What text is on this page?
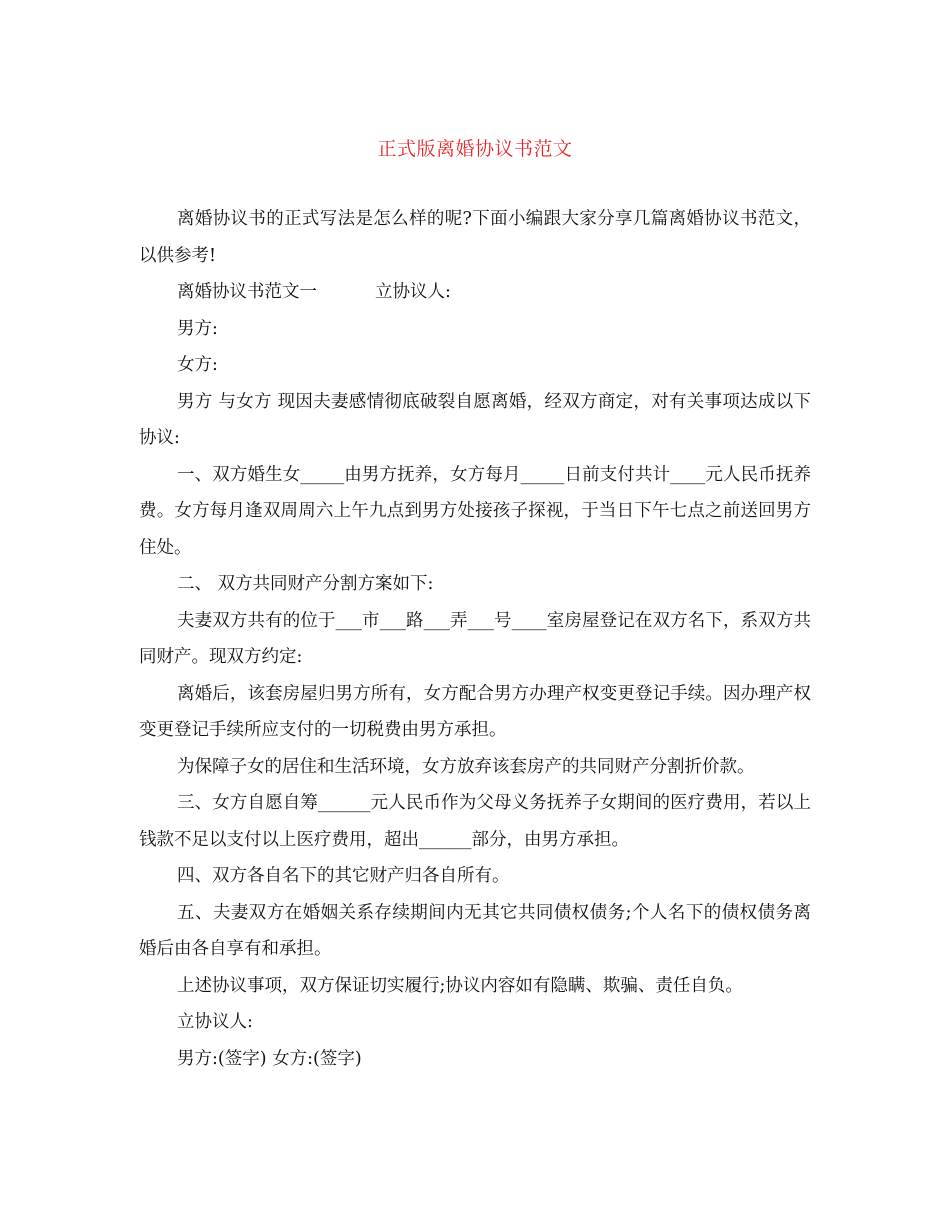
正式版离婚协议书范文

离婚协议书的正式写法是怎么样的呢?下面小编跟大家分享几篇离婚协议书范文，以供参考!

离婚协议书范文一	立协议人:

男方:

女方:

男方 与女方 现因夫妻感情彻底破裂自愿离婚，经双方商定，对有关事项达成以下协议:

一、双方婚生女_____由男方抚养，女方每月_____日前支付共计____元人民币抚养费。女方每月逢双周周六上午九点到男方处接孩子探视，于当日下午七点之前送回男方住处。

二、 双方共同财产分割方案如下:

夫妻双方共有的位于___市___路___弄___号____室房屋登记在双方名下，系双方共同财产。现双方约定:

离婚后，该套房屋归男方所有，女方配合男方办理产权变更登记手续。因办理产权变更登记手续所应支付的一切税费由男方承担。

为保障子女的居住和生活环境，女方放弃该套房产的共同财产分割折价款。

三、女方自愿自筹______元人民币作为父母义务抚养子女期间的医疗费用，若以上钱款不足以支付以上医疗费用，超出______部分，由男方承担。

四、双方各自名下的其它财产归各自所有。

五、夫妻双方在婚姻关系存续期间内无其它共同债权债务;个人名下的债权债务离婚后由各自享有和承担。

上述协议事项，双方保证切实履行;协议内容如有隐瞒、欺骗、责任自负。

立协议人:

男方:(签字) 女方:(签字)
